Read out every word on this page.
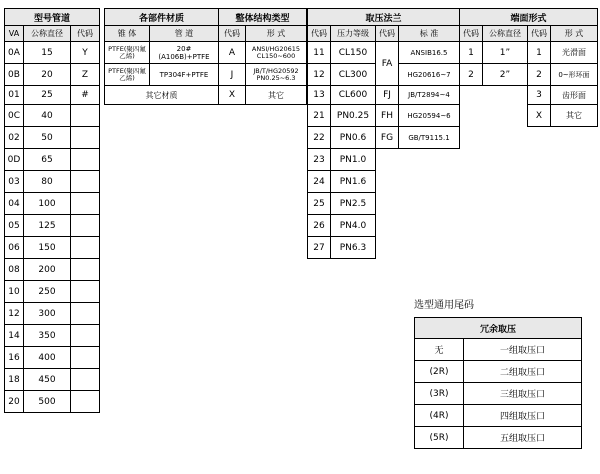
型号管道		
VA	公称直径	代码
0A	15	Y
0B	20	Z
01	25	#
0C	40	
02	50	
0D	65	
03	80	
04	100	
05	125	
06	150	
08	200	
10	250	
12	300	
14	350	
16	400	
18	450	
20	500	
各部件材质	
锥 体	管 道
PTFE(聚四氟乙烯)	20#(A106B)+PTFE
PTFE(聚四氟乙烯)	TP304F+PTFE
其它材质	
整体结构类型	
代码	形 式
A	ANSI/HG20615 CL150~600
J	JB/T/HG20592 PN0.25~6.3
X	其它
取压法兰			
代码	压力等级	代码	标 准
11	CL150	FA	ANSIB16.5
12	CL300		HG20616~7
13	CL600	FJ	JB/T2894~4
21	PN0.25	FH	HG20594~6
22	PN0.6	FG	GB/T9115.1
23	PN1.0		
24	PN1.6		
25	PN2.5		
26	PN4.0		
27	PN6.3		
端面形式			
代码	公称直径	代码	形 式
1	1”	1	光滑面
2	2”	2	0~形环面
		3	齿形面
		X	其它
选型通用尾码
冗余取压	
无	一组取压口
(2R)	二组取压口
(3R)	三组取压口
(4R)	四组取压口
(5R)	五组取压口
